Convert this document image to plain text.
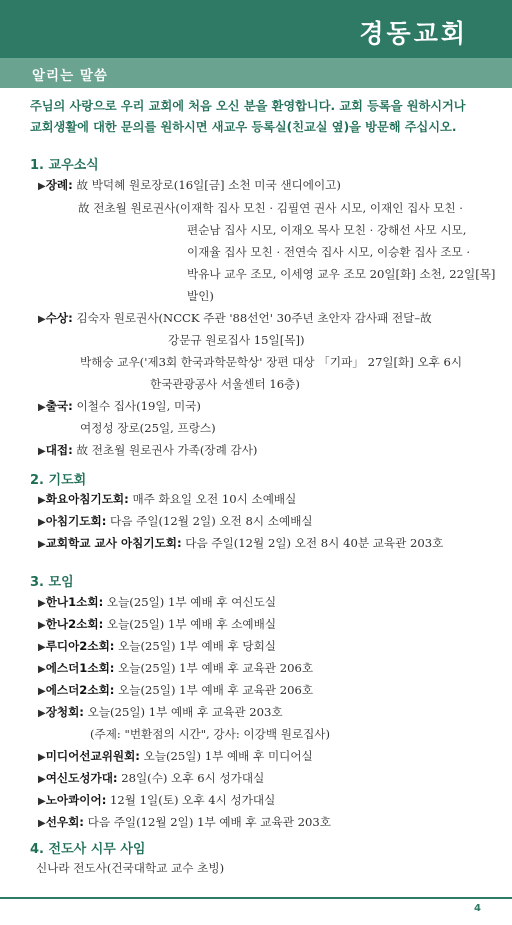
경동교회
알리는 말씀
주님의 사랑으로 우리 교회에 처음 오신 분을 환영합니다. 교회 등록을 원하시거나
교회생활에 대한 문의를 원하시면 새교우 등록실(친교실 옆)을 방문해 주십시오.
1. 교우소식
▶장례: 故 박덕혜 원로장로(16일[금] 소천 미국 샌디에이고)
故 전초월 원로권사(이재학 집사 모친 · 김필연 권사 시모, 이재인 집사 모친 ·
편순남 집사 시모, 이재오 목사 모친 · 강해선 사모 시모,
이재율 집사 모친 · 전연숙 집사 시모, 이승환 집사 조모 ·
박유나 교우 조모, 이세영 교우 조모 20일[화] 소천, 22일[목]
발인)
▶수상: 김숙자 원로권사(NCCK 주관 '88선언' 30주년 초안자 감사패 전달–故
강문규 원로집사 15일[목])
박해숭 교우('제3회 한국과학문학상' 장편 대상 「기파」 27일[화] 오후 6시
한국관광공사 서울센터 16층)
▶출국: 이철수 집사(19일, 미국)
여정성 장로(25일, 프랑스)
▶대접: 故 전초월 원로권사 가족(장례 감사)
2. 기도회
▶화요아침기도회: 매주 화요일 오전 10시 소예배실
▶아침기도회: 다음 주일(12월 2일) 오전 8시 소예배실
▶교회학교 교사 아침기도회: 다음 주일(12월 2일) 오전 8시 40분 교육관 203호
3. 모임
▶한나1소회: 오늘(25일) 1부 예배 후 여신도실
▶한나2소회: 오늘(25일) 1부 예배 후 소예배실
▶루디아2소회: 오늘(25일) 1부 예배 후 당회실
▶에스더1소회: 오늘(25일) 1부 예배 후 교육관 206호
▶에스더2소회: 오늘(25일) 1부 예배 후 교육관 206호
▶장청회: 오늘(25일) 1부 예배 후 교육관 203호
(주제: "번환점의 시간", 강사: 이강백 원로집사)
▶미디어선교위원회: 오늘(25일) 1부 예배 후 미디어실
▶여신도성가대: 28일(수) 오후 6시 성가대실
▶노아콰이어: 12월 1일(토) 오후 4시 성가대실
▶선우회: 다음 주일(12월 2일) 1부 예배 후 교육관 203호
4. 전도사 시무 사임
신나라 전도사(건국대학교 교수 초빙)
4
